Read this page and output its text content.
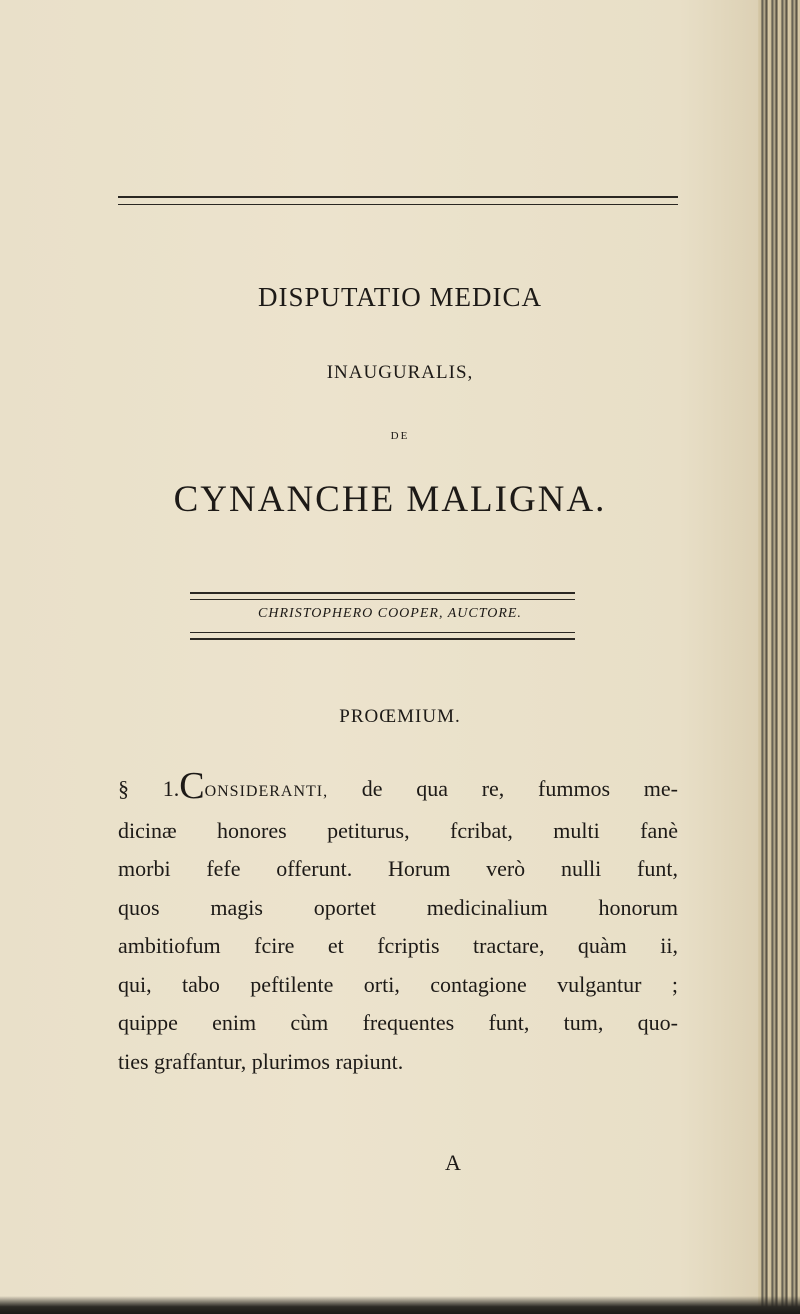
DISPUTATIO MEDICA
INAUGURALIS,
DE
CYNANCHE MALIGNA.
CHRISTOPHERO COOPER, AUCTORE.
PROŒMIUM.
§ 1.CONSIDERANTI, de qua re, fummos me-
dicinæ honores petiturus, fcribat, multi fanè
morbi fefe offerunt. Horum verò nulli funt,
quos magis oportet medicinalium honorum
ambitiofum fcire et fcriptis tractare, quàm ii,
qui, tabo peftilente orti, contagione vulgantur ;
quippe enim cùm frequentes funt, tum, quo-
ties graffantur, plurimos rapiunt.
A
